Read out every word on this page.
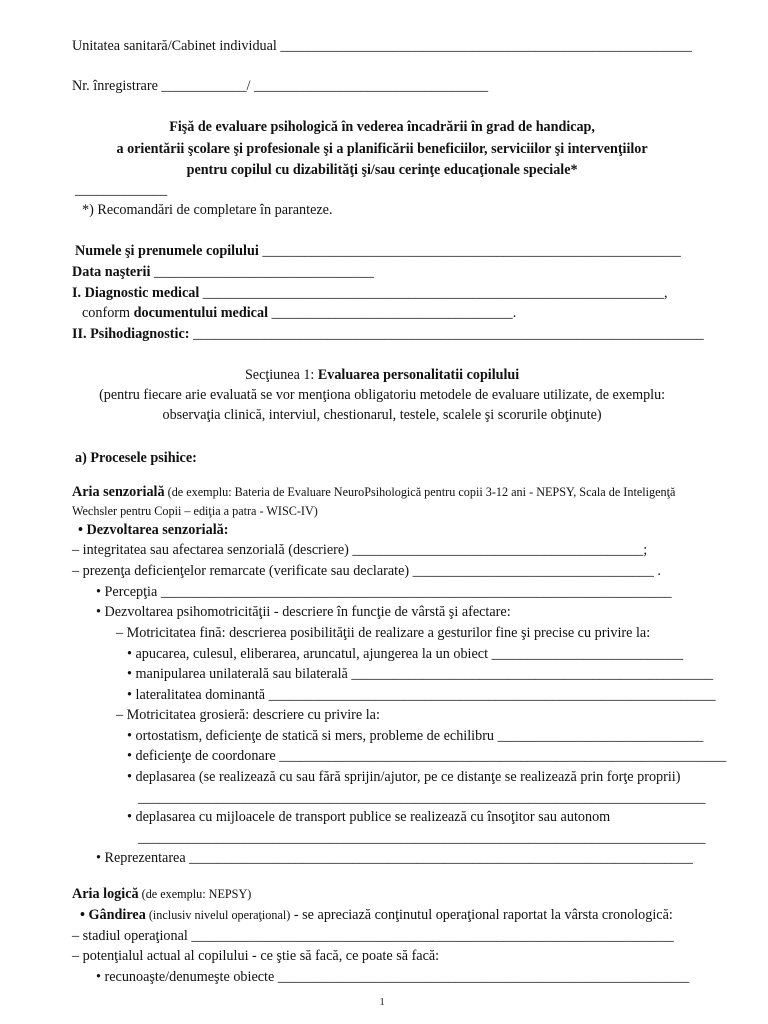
Unitatea sanitară/Cabinet individual __________________________________________________________
Nr. înregistrare ____________/ _________________________________
Fişă de evaluare psihologică în vederea încadrării în grad de handicap,
a orientării şcolare şi profesionale şi a planificării beneficiilor, serviciilor şi intervenţiilor
pentru copilul cu dizabilităţi şi/sau cerinţe educaţionale speciale*
_____________
*) Recomandări de completare în paranteze.
Numele şi prenumele copilului ___________________________________________________________
Data naşterii _______________________________
I. Diagnostic medical _________________________________________________________________,
conform documentului medical __________________________________.
II. Psihodiagnostic: ________________________________________________________________________
Secţiunea 1: Evaluarea personalitatii copilului
(pentru fiecare arie evaluată se vor menţiona obligatoriu metodele de evaluare utilizate, de exemplu:
observaţia clinică, interviul, chestionarul, testele, scalele şi scorurile obţinute)
a) Procesele psihice:
Aria senzorială (de exemplu: Bateria de Evaluare NeuroPsihologică pentru copii 3-12 ani - NEPSY, Scala de Inteligenţă
Wechsler pentru Copii – ediţia a patra - WISC-IV)
• Dezvoltarea senzorială:
– integritatea sau afectarea senzorială (descriere) _________________________________________;
– prezenţa deficienţelor remarcate (verificate sau declarate) __________________________________ .
• Percepţia ________________________________________________________________________
• Dezvoltarea psihomotricităţii - descriere în funcţie de vârstă şi afectare:
– Motricitatea fină: descrierea posibilităţii de realizare a gesturilor fine şi precise cu privire la:
• apucarea, culesul, eliberarea, aruncatul, ajungerea la un obiect ___________________________
• manipularea unilaterală sau bilaterală ___________________________________________________
• lateralitatea dominantă _______________________________________________________________
– Motricitatea grosieră: descriere cu privire la:
• ortostatism, deficienţe de statică si mers, probleme de echilibru _____________________________
• deficienţe de coordonare _______________________________________________________________
• deplasarea (se realizează cu sau fără sprijin/ajutor, pe ce distanţe se realizează prin forţe proprii)
________________________________________________________________________________
• deplasarea cu mijloacele de transport publice se realizează cu însoţitor sau autonom
________________________________________________________________________________
• Reprezentarea _______________________________________________________________________
Aria logică (de exemplu: NEPSY)
• Gândirea (inclusiv nivelul operaţional) - se apreciază conţinutul operaţional raportat la vârsta cronologică:
– stadiul operaţional ____________________________________________________________________
– potenţialul actual al copilului - ce ştie să facă, ce poate să facă:
• recunoaşte/denumeşte obiecte __________________________________________________________
1
